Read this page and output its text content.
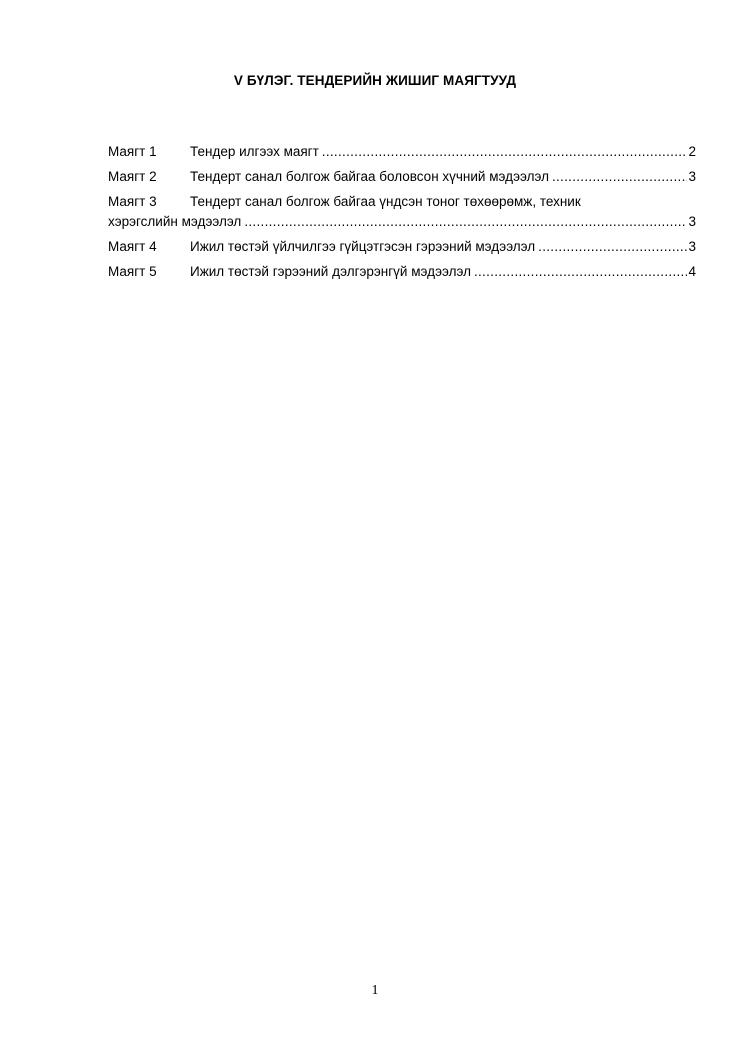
V БҮЛЭГ. ТЕНДЕРИЙН ЖИШИГ МАЯГТУУД
Маягт 1	Тендер илгээх маягт .....	2
Маягт 2	Тендерт санал болгож байгаа боловсон хүчний мэдээлэл .....	3
Маягт 3	Тендерт санал болгож байгаа үндсэн тоног төхөөрөмж, техник
хэрэгслийн мэдээлэл .....	3
Маягт 4	Ижил төстэй үйлчилгээ гүйцэтгэсэн гэрээний мэдээлэл .....	3
Маягт 5	Ижил төстэй гэрээний дэлгэрэнгүй мэдээлэл .....	4
1
